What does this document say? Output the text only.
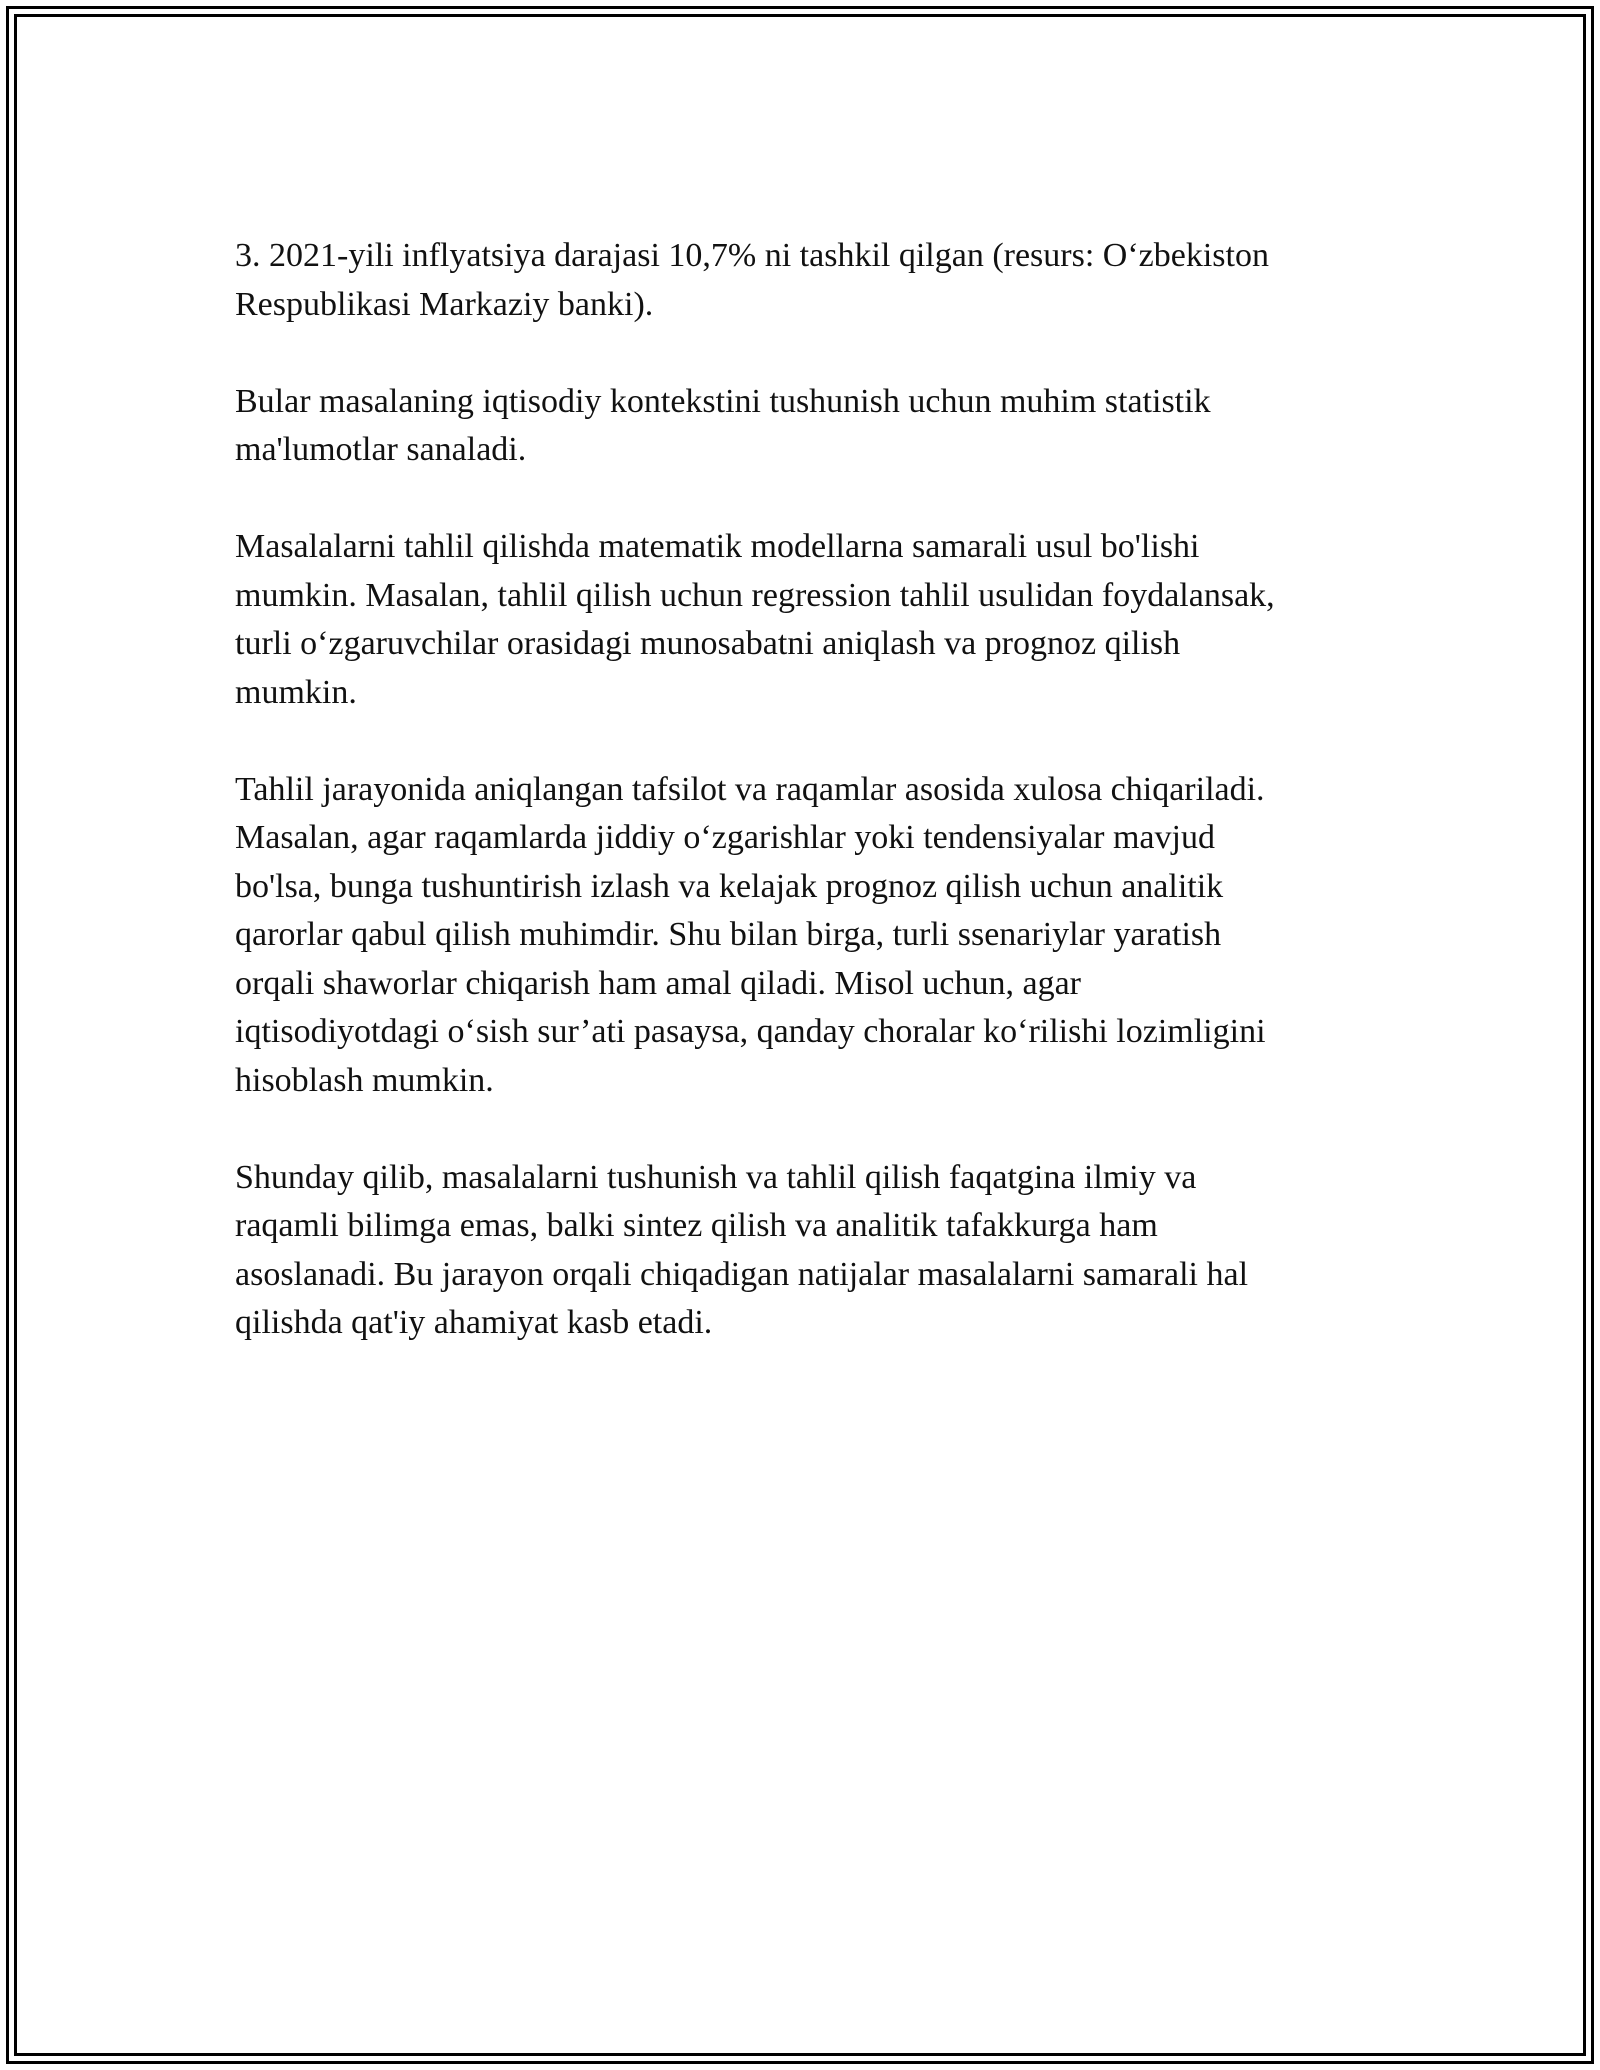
3. 2021-yili inflyatsiya darajasi 10,7% ni tashkil qilgan (resurs: O‘zbekiston
Respublikasi Markaziy banki).

Bular masalaning iqtisodiy kontekstini tushunish uchun muhim statistik
ma'lumotlar sanaladi.

Masalalarni tahlil qilishda matematik modellarna samarali usul bo'lishi
mumkin. Masalan, tahlil qilish uchun regression tahlil usulidan foydalansak,
turli o‘zgaruvchilar orasidagi munosabatni aniqlash va prognoz qilish
mumkin.

Tahlil jarayonida aniqlangan tafsilot va raqamlar asosida xulosa chiqariladi.
Masalan, agar raqamlarda jiddiy o‘zgarishlar yoki tendensiyalar mavjud
bo'lsa, bunga tushuntirish izlash va kelajak prognoz qilish uchun analitik
qarorlar qabul qilish muhimdir. Shu bilan birga, turli ssenariylar yaratish
orqali shaworlar chiqarish ham amal qiladi. Misol uchun, agar
iqtisodiyotdagi o‘sish sur’ati pasaysa, qanday choralar ko‘rilishi lozimligini
hisoblash mumkin.

Shunday qilib, masalalarni tushunish va tahlil qilish faqatgina ilmiy va
raqamli bilimga emas, balki sintez qilish va analitik tafakkurga ham
asoslanadi. Bu jarayon orqali chiqadigan natijalar masalalarni samarali hal
qilishda qat'iy ahamiyat kasb etadi.
